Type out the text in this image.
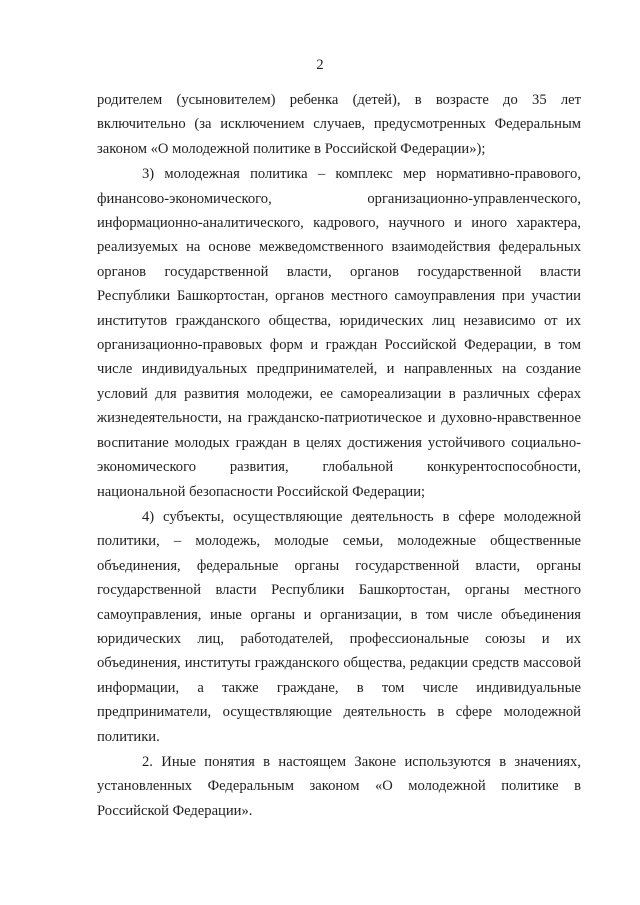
2

родителем (усыновителем) ребенка (детей), в возрасте до 35 лет включительно (за исключением случаев, предусмотренных Федеральным законом «О молодежной политике в Российской Федерации»);

3) молодежная политика – комплекс мер нормативно-правового, финансово-экономического, организационно-управленческого, информационно-аналитического, кадрового, научного и иного характера, реализуемых на основе межведомственного взаимодействия федеральных органов государственной власти, органов государственной власти Республики Башкортостан, органов местного самоуправления при участии институтов гражданского общества, юридических лиц независимо от их организационно-правовых форм и граждан Российской Федерации, в том числе индивидуальных предпринимателей, и направленных на создание условий для развития молодежи, ее самореализации в различных сферах жизнедеятельности, на гражданско-патриотическое и духовно-нравственное воспитание молодых граждан в целях достижения устойчивого социально-экономического развития, глобальной конкурентоспособности, национальной безопасности Российской Федерации;

4) субъекты, осуществляющие деятельность в сфере молодежной политики, – молодежь, молодые семьи, молодежные общественные объединения, федеральные органы государственной власти, органы государственной власти Республики Башкортостан, органы местного самоуправления, иные органы и организации, в том числе объединения юридических лиц, работодателей, профессиональные союзы и их объединения, институты гражданского общества, редакции средств массовой информации, а также граждане, в том числе индивидуальные предприниматели, осуществляющие деятельность в сфере молодежной политики.

2. Иные понятия в настоящем Законе используются в значениях, установленных Федеральным законом «О молодежной политике в Российской Федерации».
